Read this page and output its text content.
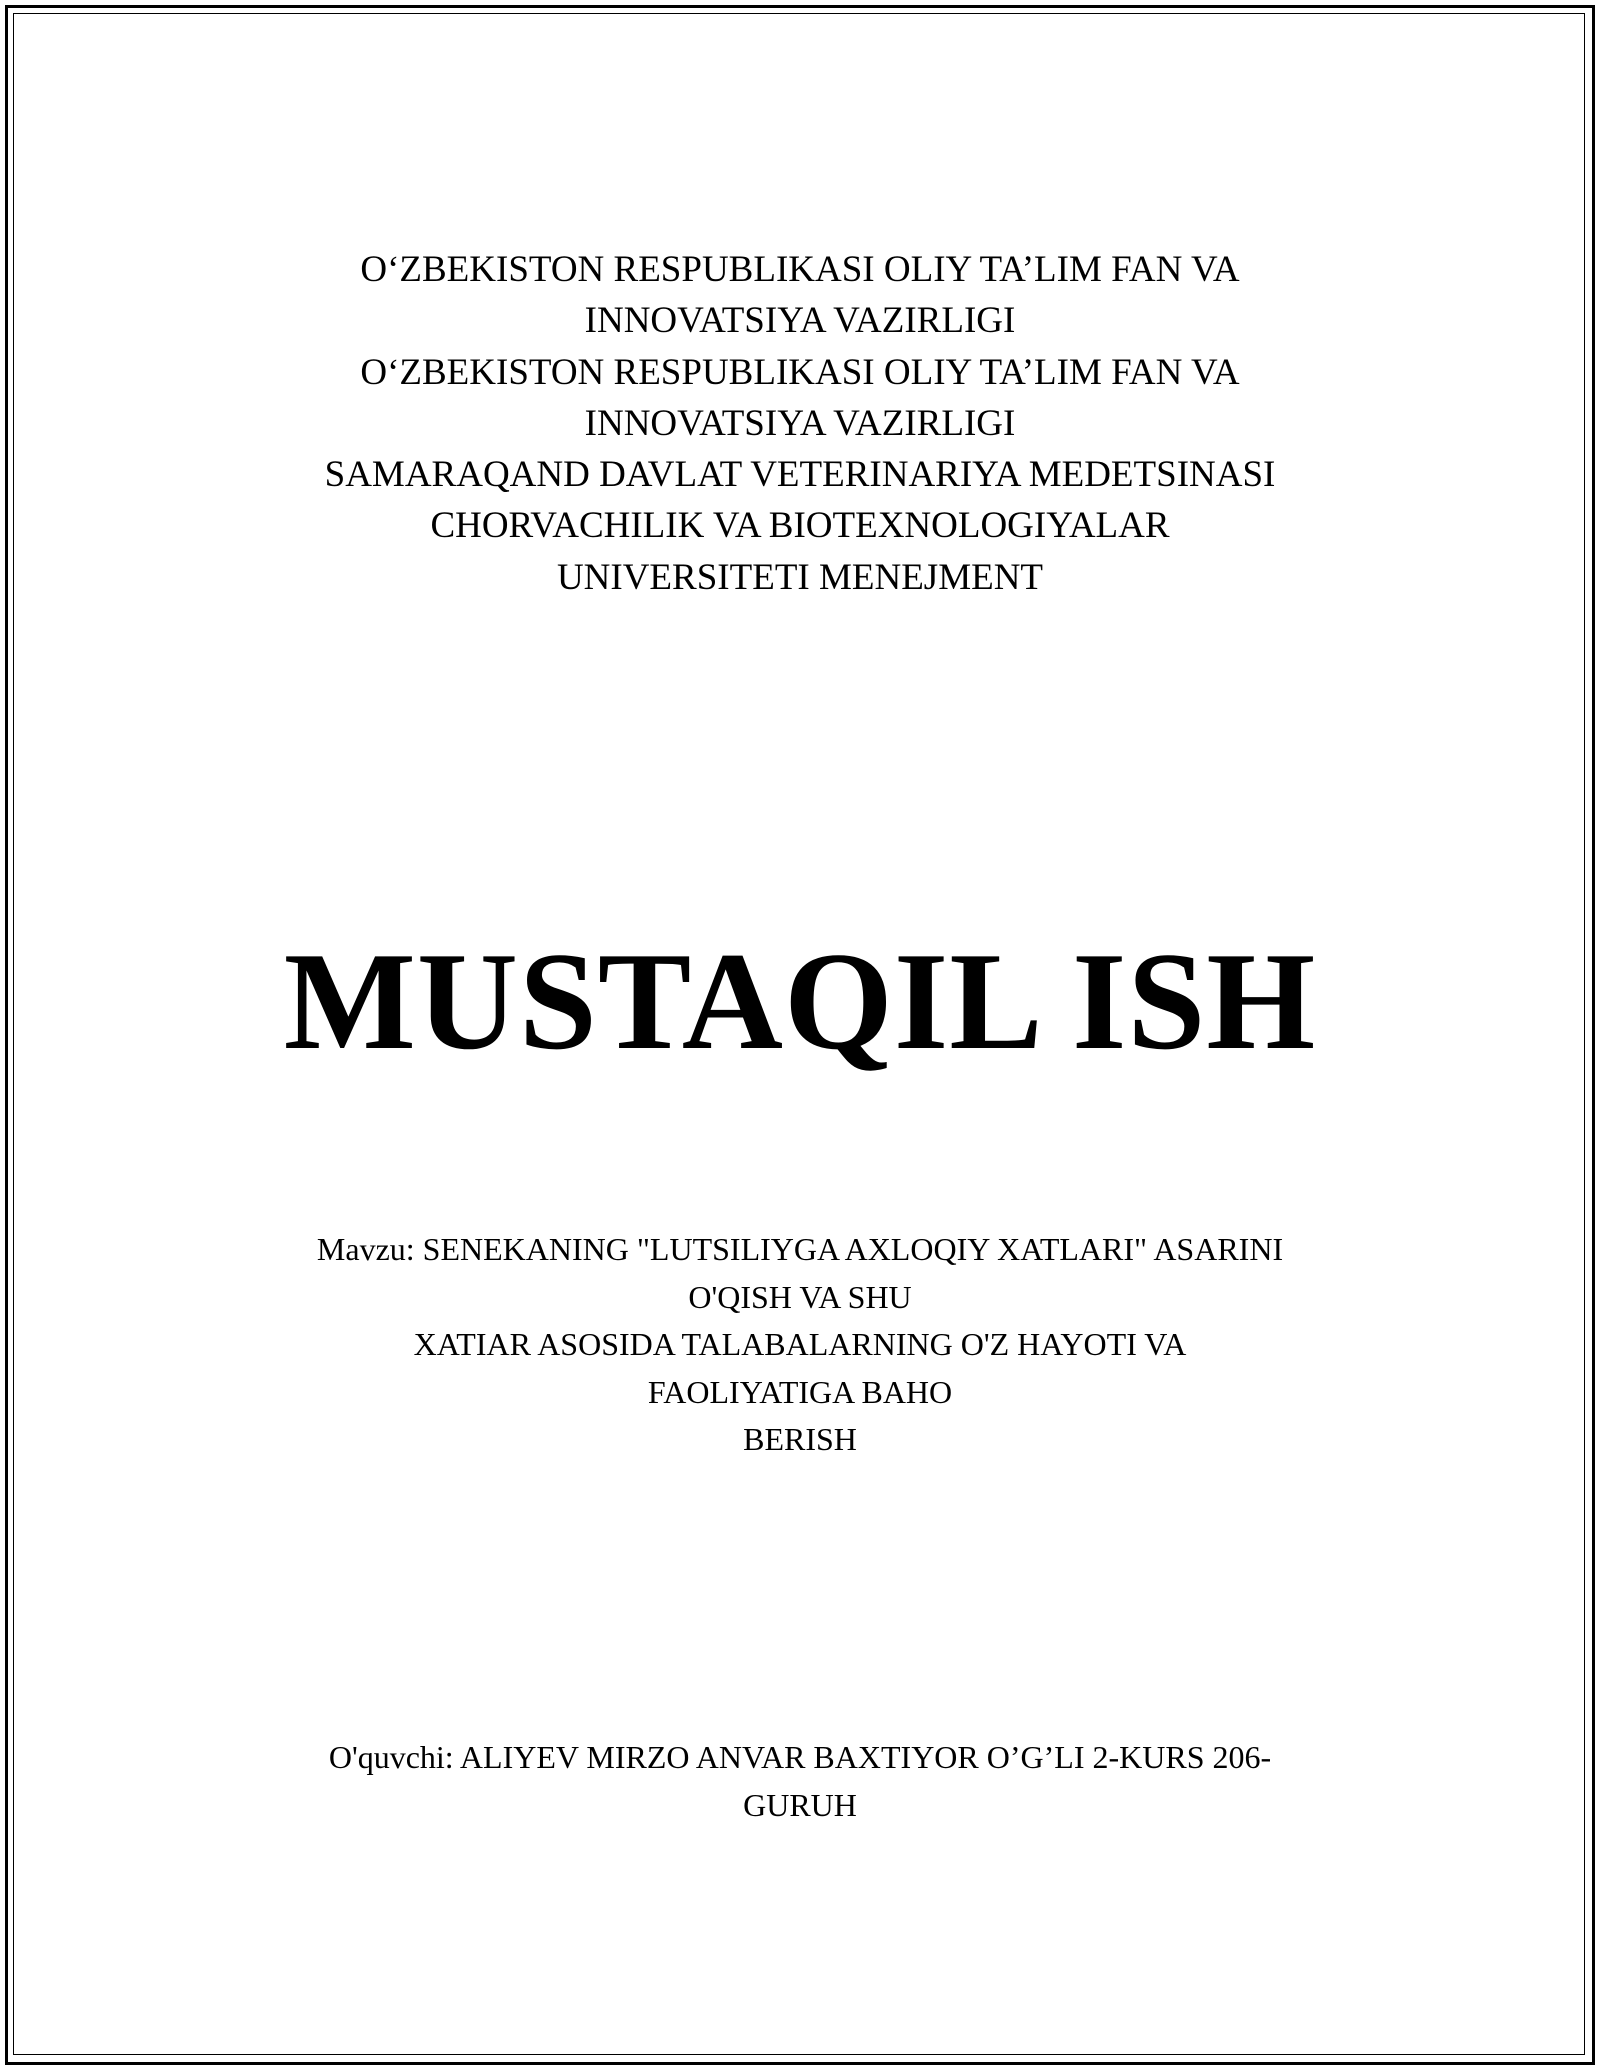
O‘ZBEKISTON RESPUBLIKASI OLIY TA’LIM FAN VA
INNOVATSIYA VAZIRLIGI
O‘ZBEKISTON RESPUBLIKASI OLIY TA’LIM FAN VA
INNOVATSIYA VAZIRLIGI
SAMARAQAND DAVLAT VETERINARIYA MEDETSINASI
CHORVACHILIK VA BIOTEXNOLOGIYALAR
UNIVERSITETI MENEJMENT
MUSTAQIL ISH
Mavzu: SENEKANING "LUTSILIYGA AXLOQIY XATLARI" ASARINI
O'QISH VA SHU
XATIAR ASOSIDA TALABALARNING O'Z HAYOTI VA
FAOLIYATIGA BAHO
BERISH
O'quvchi: ALIYEV MIRZO ANVAR BAXTIYOR O’G’LI 2-KURS 206-
GURUH
